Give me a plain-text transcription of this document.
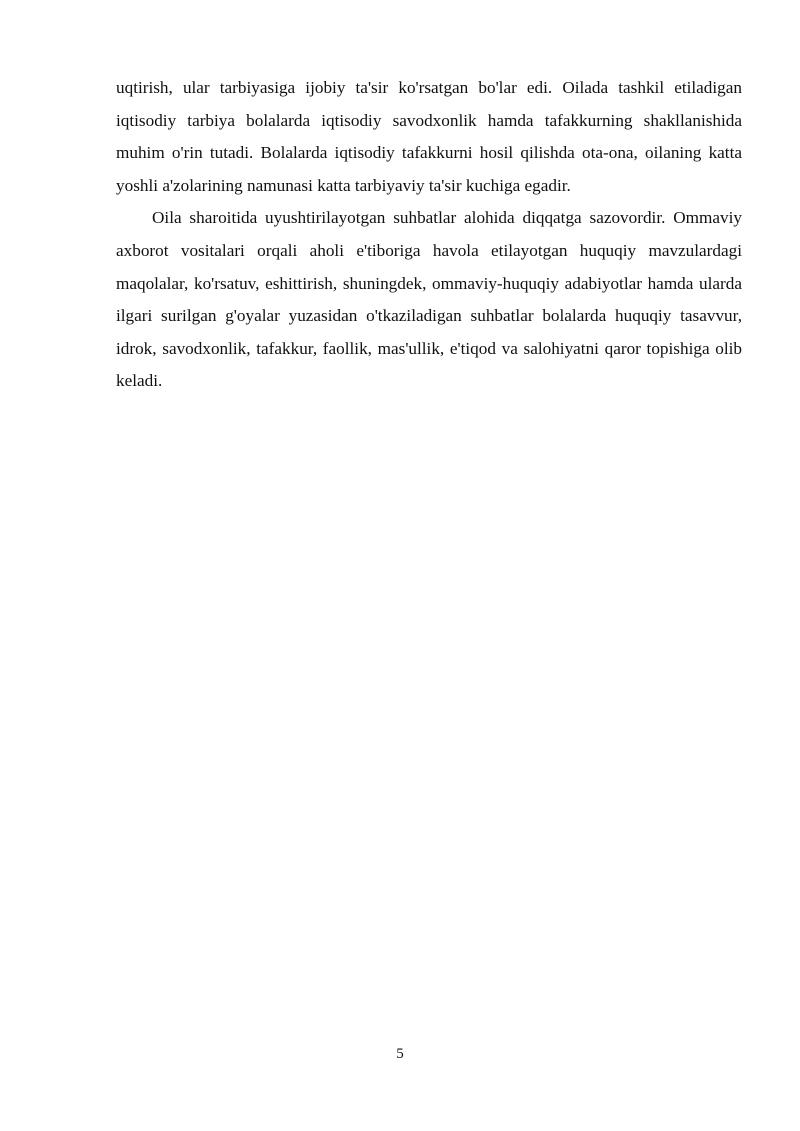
uqtirish, ular tarbiyasiga ijobiy ta'sir ko'rsatgan bo'lar edi. Oilada tashkil etiladigan iqtisodiy tarbiya bolalarda iqtisodiy savodxonlik hamda tafakkurning shakllanishida muhim o'rin tutadi. Bolalarda iqtisodiy tafakkurni hosil qilishda ota-ona, oilaning katta yoshli a'zolarining namunasi katta tarbiyaviy ta'sir kuchiga egadir.

Oila sharoitida uyushtirilayotgan suhbatlar alohida diqqatga sazovordir. Ommaviy axborot vositalari orqali aholi e'tiboriga havola etilayotgan huquqiy mavzulardagi maqolalar, ko'rsatuv, eshittirish, shuningdek, ommaviy-huquqiy adabiyotlar hamda ularda ilgari surilgan g'oyalar yuzasidan o'tkaziladigan suhbatlar bolalarda huquqiy tasavvur, idrok, savodxonlik, tafakkur, faollik, mas'ullik, e'tiqod va salohiyatni qaror topishiga olib keladi.

5
